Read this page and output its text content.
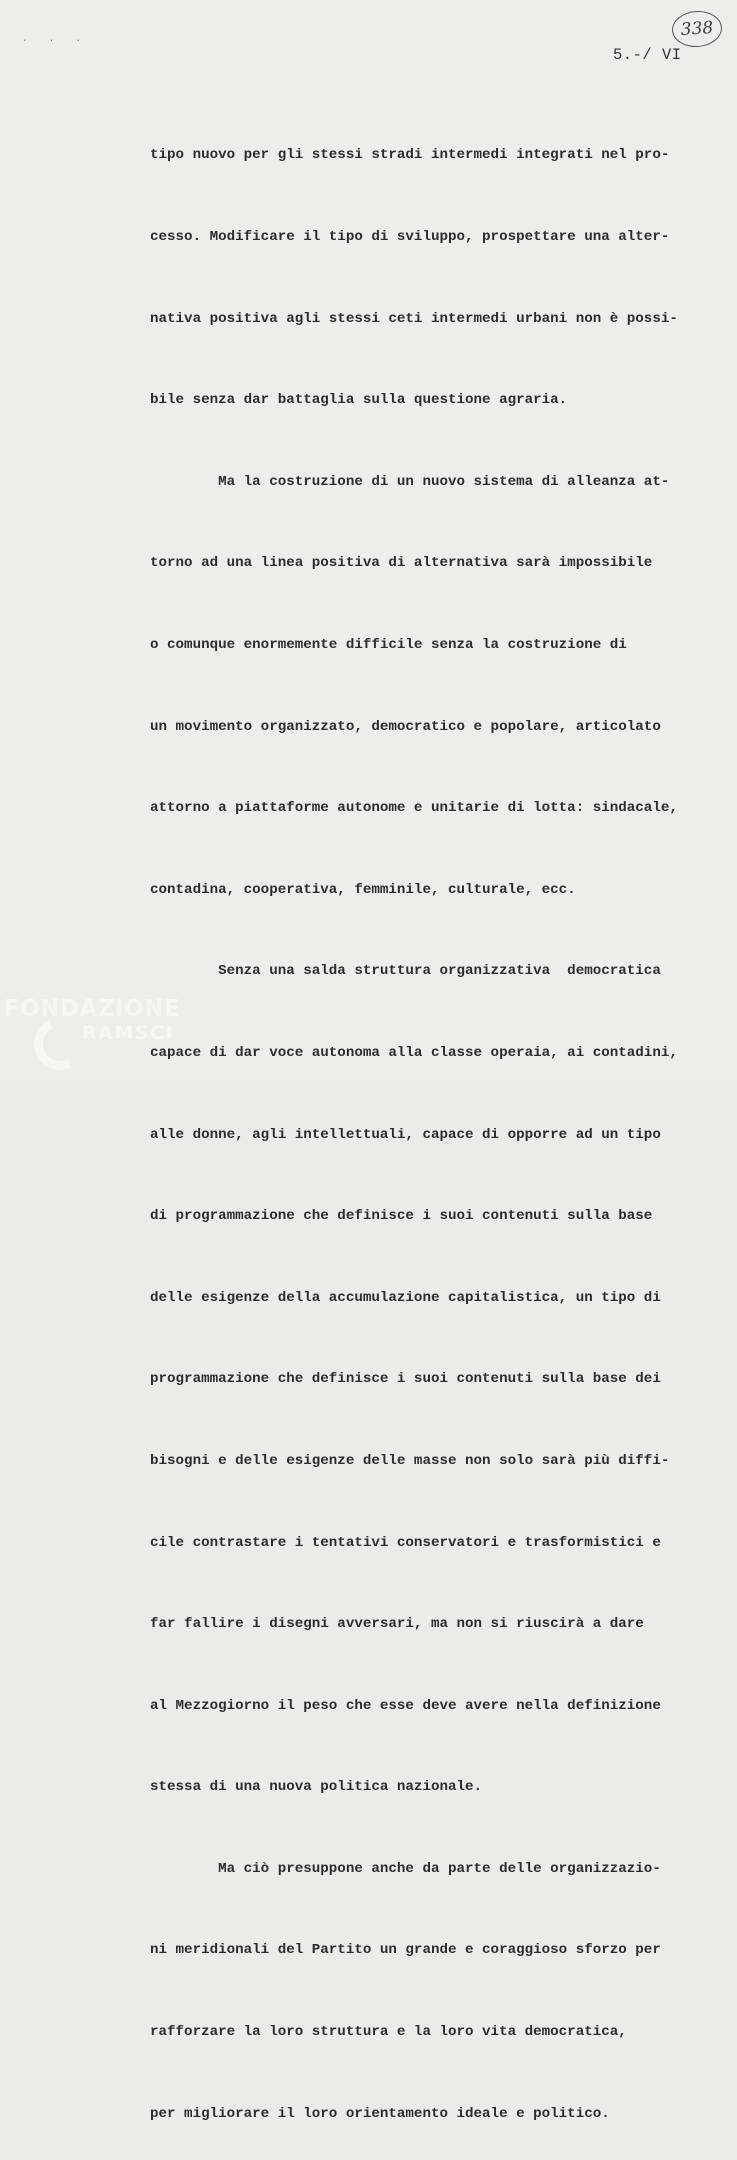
· · ·
338
5.-/ VI

tipo nuovo per gli stessi stradi intermedi integrati nel pro-

cesso. Modificare il tipo di sviluppo, prospettare una alter-

nativa positiva agli stessi ceti intermedi urbani non è possi-

bile senza dar battaglia sulla questione agraria.

Ma la costruzione di un nuovo sistema di alleanza at-

torno ad una linea positiva di alternativa sarà impossibile

o comunque enormemente difficile senza la costruzione di

un movimento organizzato, democratico e popolare, articolato

attorno a piattaforme autonome e unitarie di lotta: sindacale,

contadina, cooperativa, femminile, culturale, ecc.

Senza una salda struttura organizzativa  democratica

capace di dar voce autonoma alla classe operaia, ai contadini,

alle donne, agli intellettuali, capace di opporre ad un tipo

di programmazione che definisce i suoi contenuti sulla base

delle esigenze della accumulazione capitalistica, un tipo di

programmazione che definisce i suoi contenuti sulla base dei

bisogni e delle esigenze delle masse non solo sarà più diffi-

cile contrastare i tentativi conservatori e trasformistici e

far fallire i disegni avversari, ma non si riuscirà a dare

al Mezzogiorno il peso che esse deve avere nella definizione

stessa di una nuova politica nazionale.

Ma ciò presuppone anche da parte delle organizzazio-

ni meridionali del Partito un grande e coraggioso sforzo per

rafforzare la loro struttura e la loro vita democratica,

per migliorare il loro orientamento ideale e politico.

FONDAZIONE
RAMSCI
